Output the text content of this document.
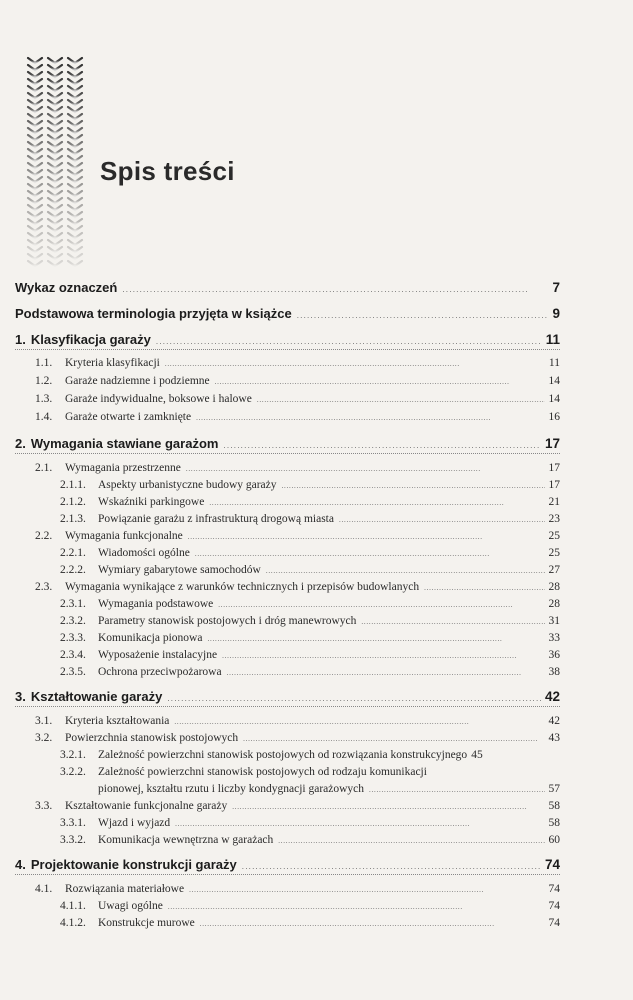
Spis treści
Wykaz oznaczeń . . .	7
Podstawowa terminologia przyjęta w książce . . .	9
1. Klasyfikacja garaży . . .	11
1.1.	Kryteria klasyfikacji . . .	11
1.2.	Garaże nadziemne i podziemne . . .	14
1.3.	Garaże indywidualne, boksowe i halowe . . .	14
1.4.	Garaże otwarte i zamknięte . . .	16
2. Wymagania stawiane garażom . . .	17
2.1.	Wymagania przestrzenne . . .	17
2.1.1.	Aspekty urbanistyczne budowy garaży . . .	17
2.1.2.	Wskaźniki parkingowe . . .	21
2.1.3.	Powiązanie garażu z infrastrukturą drogową miasta . . .	23
2.2.	Wymagania funkcjonalne . . .	25
2.2.1.	Wiadomości ogólne . . .	25
2.2.2.	Wymiary gabarytowe samochodów . . .	27
2.3.	Wymagania wynikające z warunków technicznych i przepisów budowlanych . . .	28
2.3.1.	Wymagania podstawowe . . .	28
2.3.2.	Parametry stanowisk postojowych i dróg manewrowych . . .	31
2.3.3.	Komunikacja pionowa . . .	33
2.3.4.	Wyposażenie instalacyjne . . .	36
2.3.5.	Ochrona przeciwpożarowa . . .	38
3. Kształtowanie garaży . . .	42
3.1.	Kryteria kształtowania . . .	42
3.2.	Powierzchnia stanowisk postojowych . . .	43
3.2.1.	Zależność powierzchni stanowisk postojowych od rozwiązania konstrukcyjnego 45
3.2.2.	Zależność powierzchni stanowisk postojowych od rodzaju komunikacji
pionowej, kształtu rzutu i liczby kondygnacji garażowych . . .	57
3.3.	Kształtowanie funkcjonalne garaży . . .	58
3.3.1.	Wjazd i wyjazd . . .	58
3.3.2.	Komunikacja wewnętrzna w garażach . . .	60
4. Projektowanie konstrukcji garaży . . .	74
4.1.	Rozwiązania materiałowe . . .	74
4.1.1.	Uwagi ogólne . . .	74
4.1.2.	Konstrukcje murowe . . .	74
